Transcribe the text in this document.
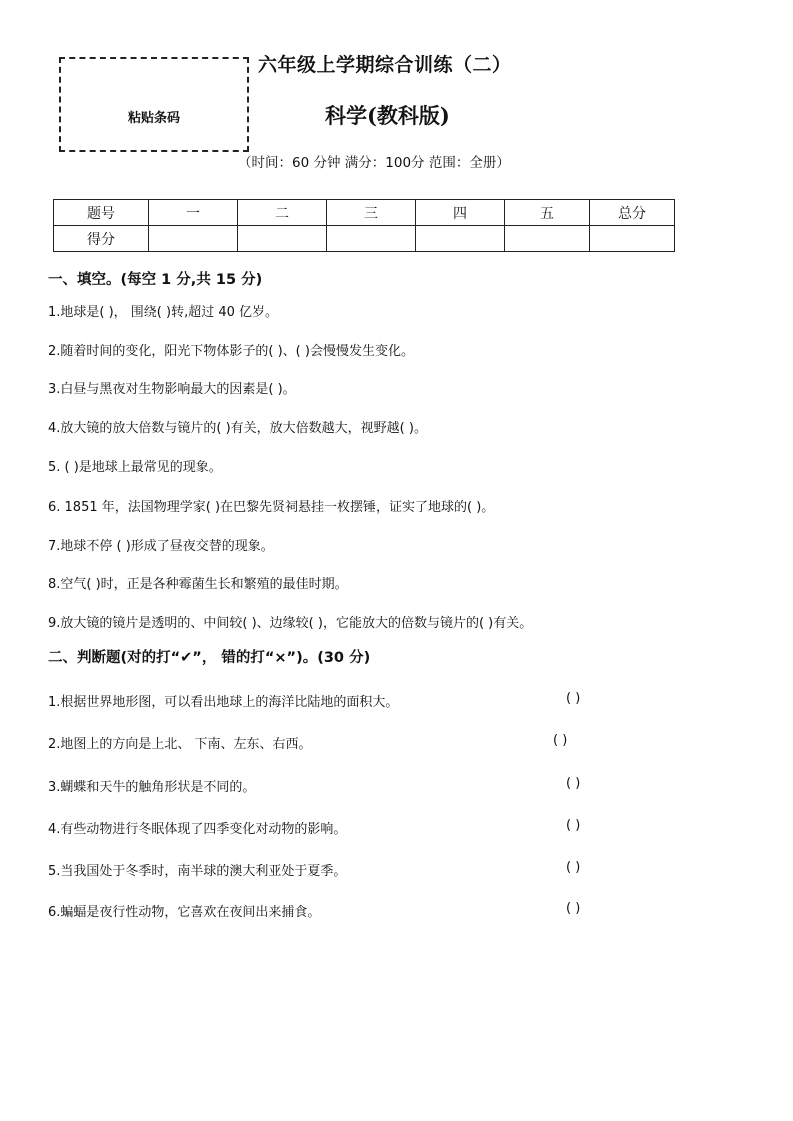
粘贴条码
六年级上学期综合训练（二）
科学(教科版)
（时间：60 分钟 满分：100分 范围：全册）
题号	一	二	三	四	五	总分
得分						
一、填空。(每空 1 分,共 15 分)
1.地球是( )， 围绕( )转,超过 40 亿岁。
2.随着时间的变化，阳光下物体影子的( )、( )会慢慢发生变化。
3.白昼与黑夜对生物影响最大的因素是( )。
4.放大镜的放大倍数与镜片的( )有关，放大倍数越大，视野越( )。
5. ( )是地球上最常见的现象。
6. 1851 年，法国物理学家( )在巴黎先贤祠悬挂一枚摆锤，证实了地球的( )。
7.地球不停 ( )形成了昼夜交替的现象。
8.空气( )时，正是各种霉菌生长和繁殖的最佳时期。
9.放大镜的镜片是透明的、中间较( )、边缘较( )，它能放大的倍数与镜片的( )有关。
二、判断题(对的打“✔”， 错的打“×”)。(30 分)
1.根据世界地形图，可以看出地球上的海洋比陆地的面积大。	( )
2.地图上的方向是上北、 下南、左东、右西。	( )
3.蝴蝶和天牛的触角形状是不同的。	( )
4.有些动物进行冬眠体现了四季变化对动物的影响。	( )
5.当我国处于冬季时，南半球的澳大利亚处于夏季。	( )
6.蝙蝠是夜行性动物，它喜欢在夜间出来捕食。	( )
